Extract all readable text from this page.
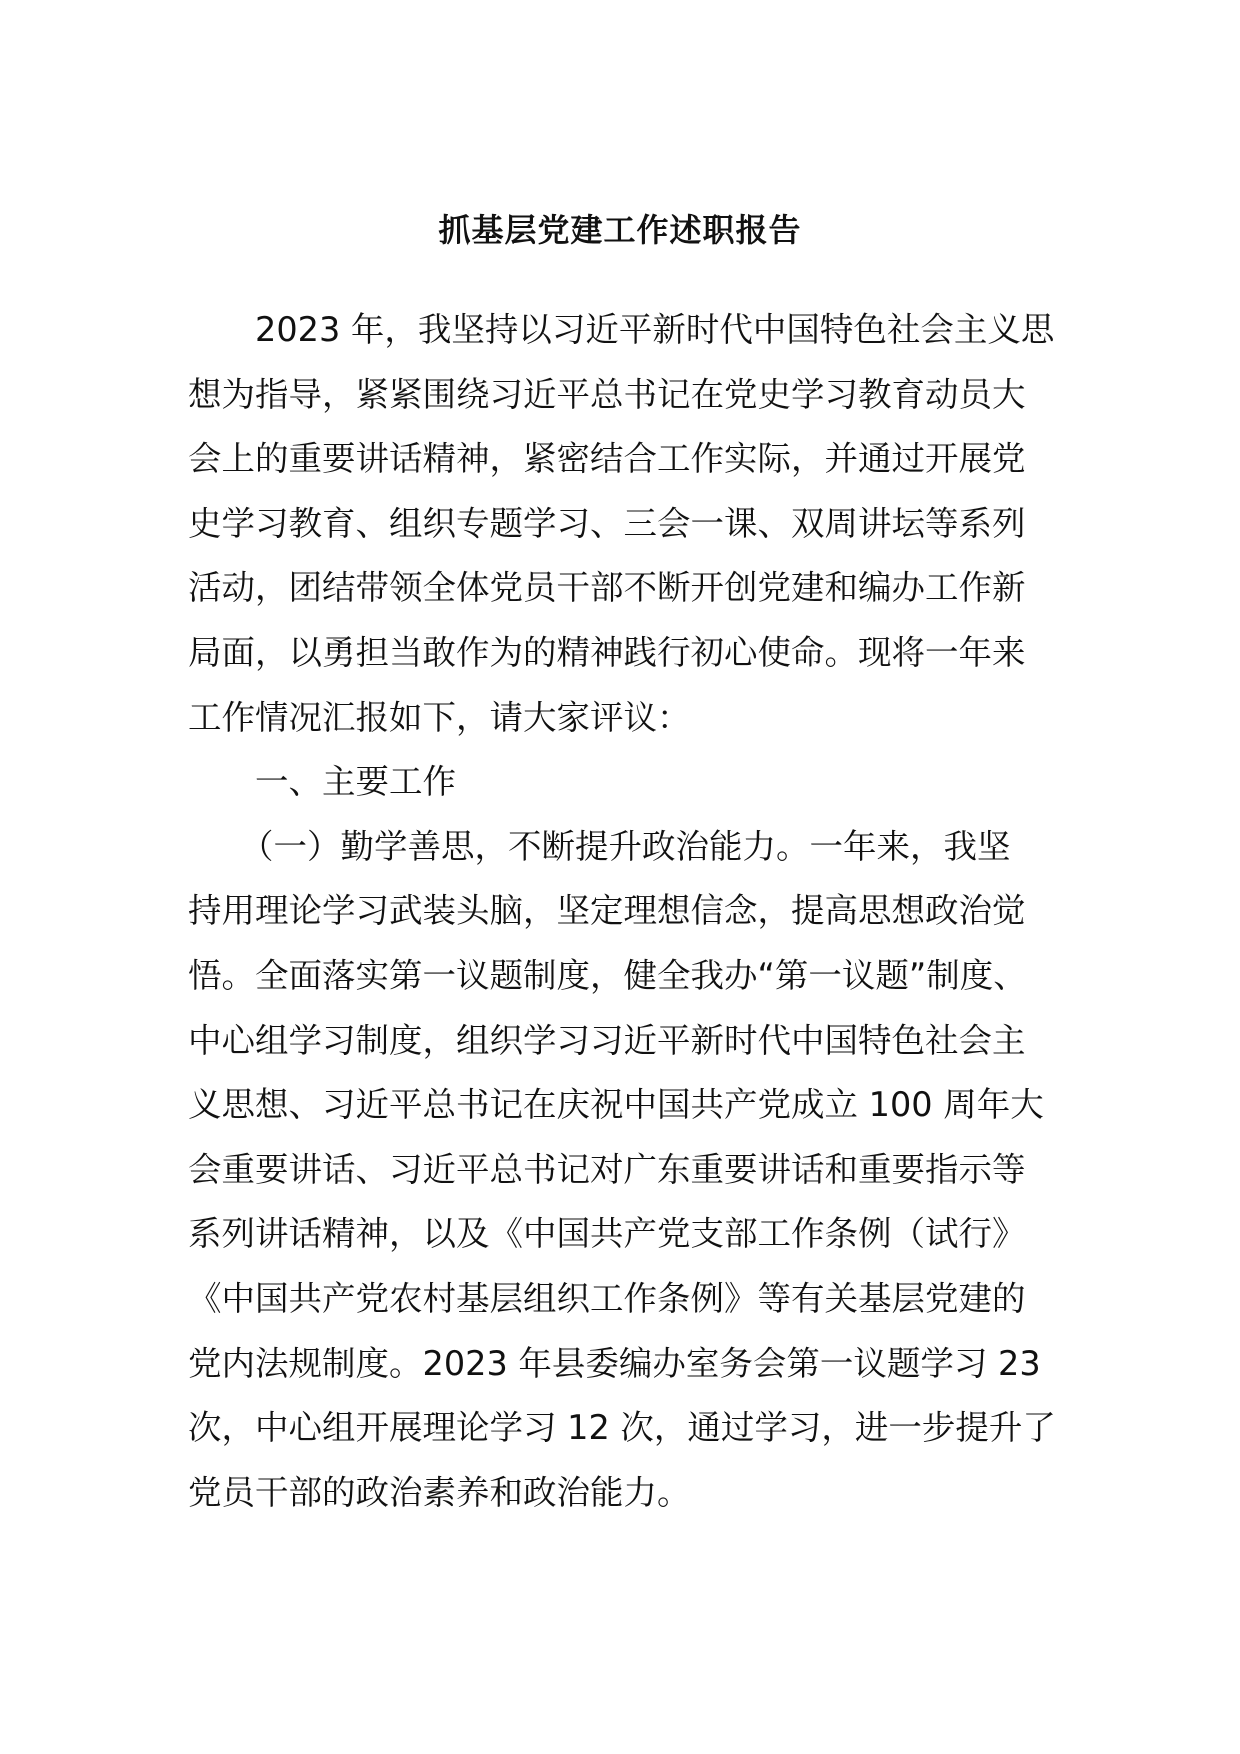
抓基层党建工作述职报告
2023 年，我坚持以习近平新时代中国特色社会主义思
想为指导，紧紧围绕习近平总书记在党史学习教育动员大
会上的重要讲话精神，紧密结合工作实际，并通过开展党
史学习教育、组织专题学习、三会一课、双周讲坛等系列
活动，团结带领全体党员干部不断开创党建和编办工作新
局面，以勇担当敢作为的精神践行初心使命。现将一年来
工作情况汇报如下，请大家评议：
一、主要工作
（一）勤学善思，不断提升政治能力。一年来，我坚
持用理论学习武装头脑，坚定理想信念，提高思想政治觉
悟。全面落实第一议题制度，健全我办“第一议题”制度、
中心组学习制度，组织学习习近平新时代中国特色社会主
义思想、习近平总书记在庆祝中国共产党成立 100 周年大
会重要讲话、习近平总书记对广东重要讲话和重要指示等
系列讲话精神，以及《中国共产党支部工作条例（试行》
《中国共产党农村基层组织工作条例》等有关基层党建的
党内法规制度。2023 年县委编办室务会第一议题学习 23
次，中心组开展理论学习 12 次，通过学习，进一步提升了
党员干部的政治素养和政治能力。
